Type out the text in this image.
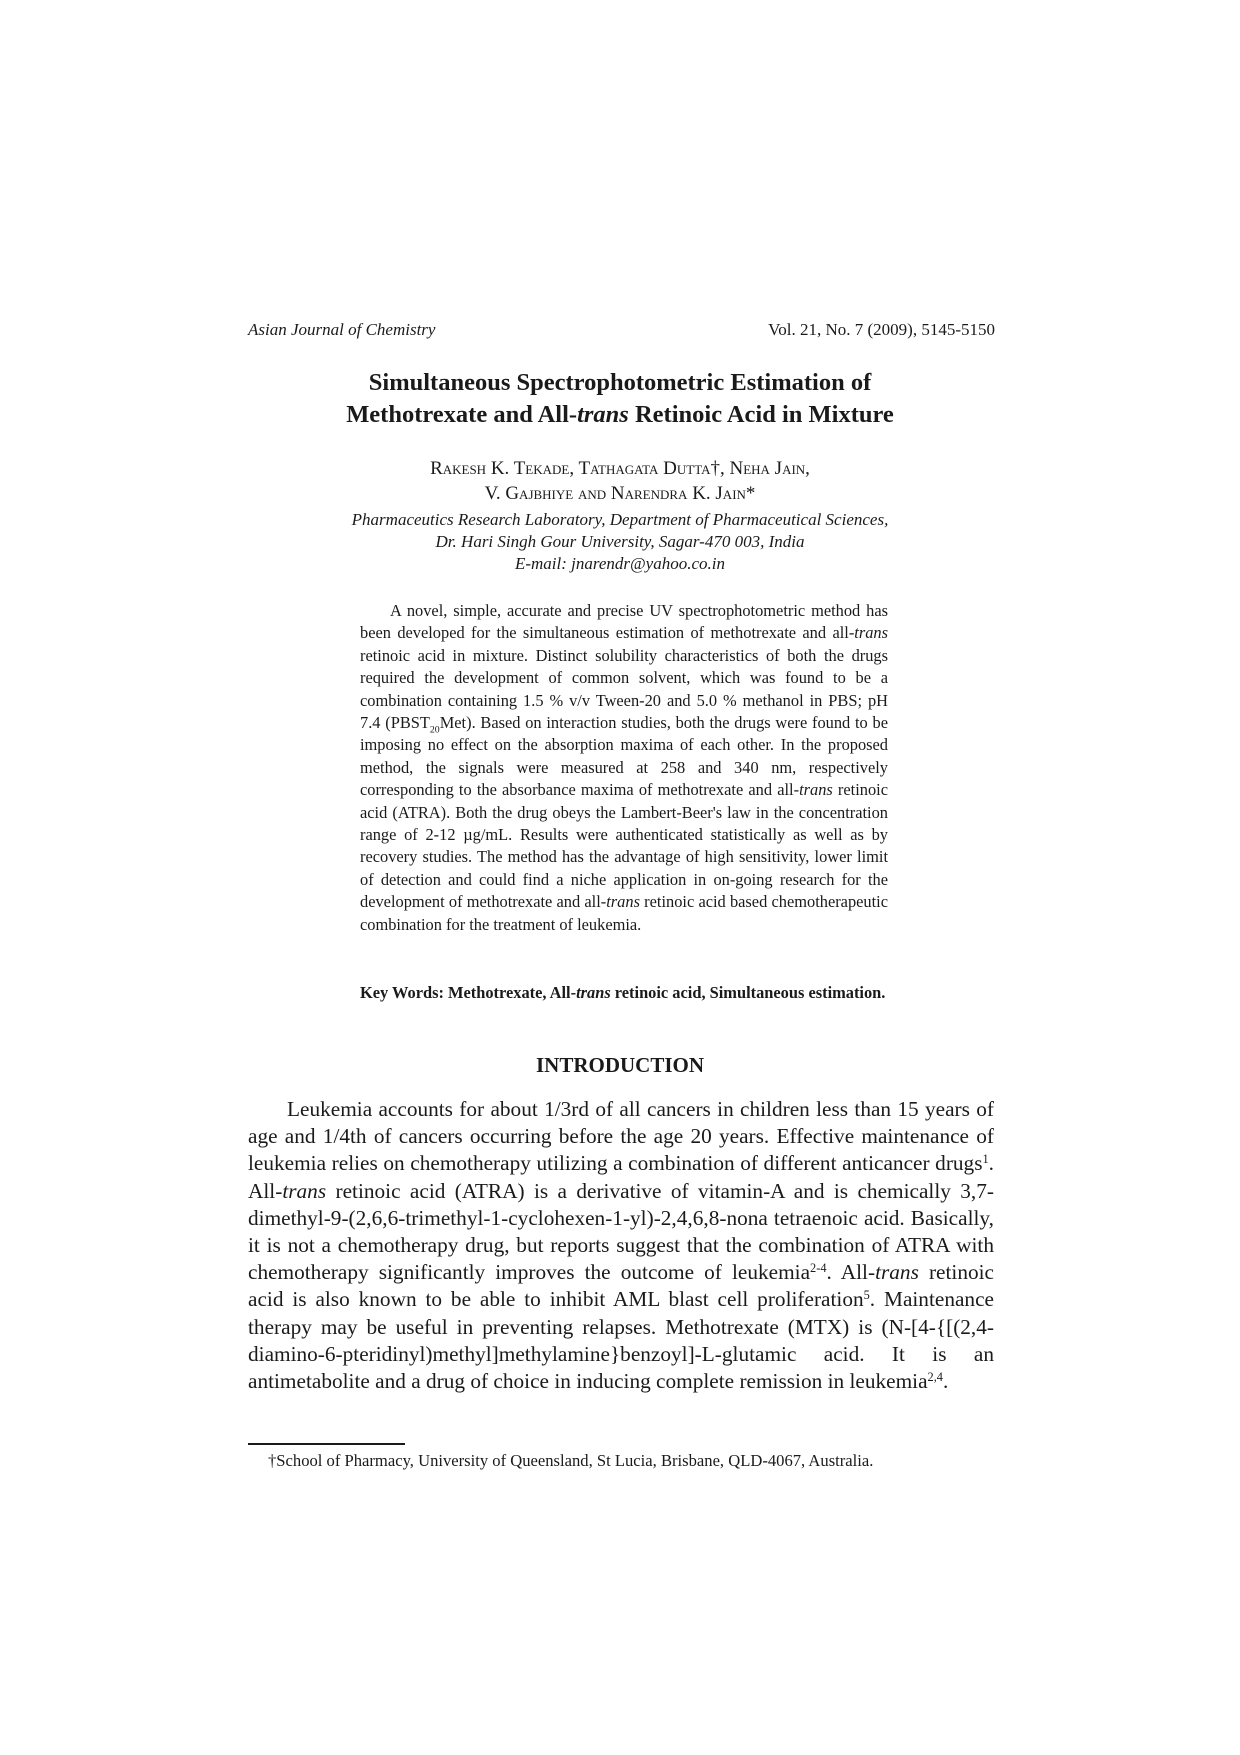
Asian Journal of Chemistry	Vol. 21, No. 7 (2009), 5145-5150
Simultaneous Spectrophotometric Estimation of
Methotrexate and All-trans Retinoic Acid in Mixture
Rakesh K. Tekade, Tathagata Dutta†, Neha Jain,
V. Gajbhiye and Narendra K. Jain*
Pharmaceutics Research Laboratory, Department of Pharmaceutical Sciences,
Dr. Hari Singh Gour University, Sagar-470 003, India
E-mail: jnarendr@yahoo.co.in

A novel, simple, accurate and precise UV spectrophotometric method has been developed for the simultaneous estimation of methotrexate and all-trans retinoic acid in mixture. Distinct solubility characteristics of both the drugs required the development of common solvent, which was found to be a combination containing 1.5 % v/v Tween-20 and 5.0 % methanol in PBS; pH 7.4 $(PBST_{20}Met)$. Based on interaction studies, both the drugs were found to be imposing no effect on the absorption maxima of each other. In the proposed method, the signals were measured at 258 and 340 nm, respectively corresponding to the absorbance maxima of methotrexate and all-trans retinoic acid (ATRA). Both the drug obeys the Lambert-Beer's law in the concentration range of 2-12 µg/mL. Results were authenticated statistically as well as by recovery studies. The method has the advantage of high sensitivity, lower limit of detection and could find a niche application in on-going research for the development of methotrexate and all-trans retinoic acid based chemotherapeutic combination for the treatment of leukemia.

Key Words: Methotrexate, All-trans retinoic acid, Simultaneous estimation.
INTRODUCTION

Leukemia accounts for about 1/3rd of all cancers in children less than 15 years of age and 1/4th of cancers occurring before the age 20 years. Effective maintenance of leukemia relies on chemotherapy utilizing a combination of different anticancer drugs$^1$. All-trans retinoic acid (ATRA) is a derivative of vitamin-A and is chemically 3,7-dimethyl-9-(2,6,6-trimethyl-1-cyclohexen-1-yl)-2,4,6,8-nona tetraenoic acid. Basically, it is not a chemotherapy drug, but reports suggest that the combination of ATRA with chemotherapy significantly improves the outcome of leukemia$^{2-4}$. All-trans retinoic acid is also known to be able to inhibit AML blast cell proliferation$^5$. Maintenance therapy may be useful in preventing relapses. Methotrexate (MTX) is (N-[4-{[(2,4-diamino-6-pteridinyl)methyl]methylamine}benzoyl]-L-glutamic acid. It is an antimetabolite and a drug of choice in inducing complete remission in leukemia$^{2,4}$.

†School of Pharmacy, University of Queensland, St Lucia, Brisbane, QLD-4067, Australia.
